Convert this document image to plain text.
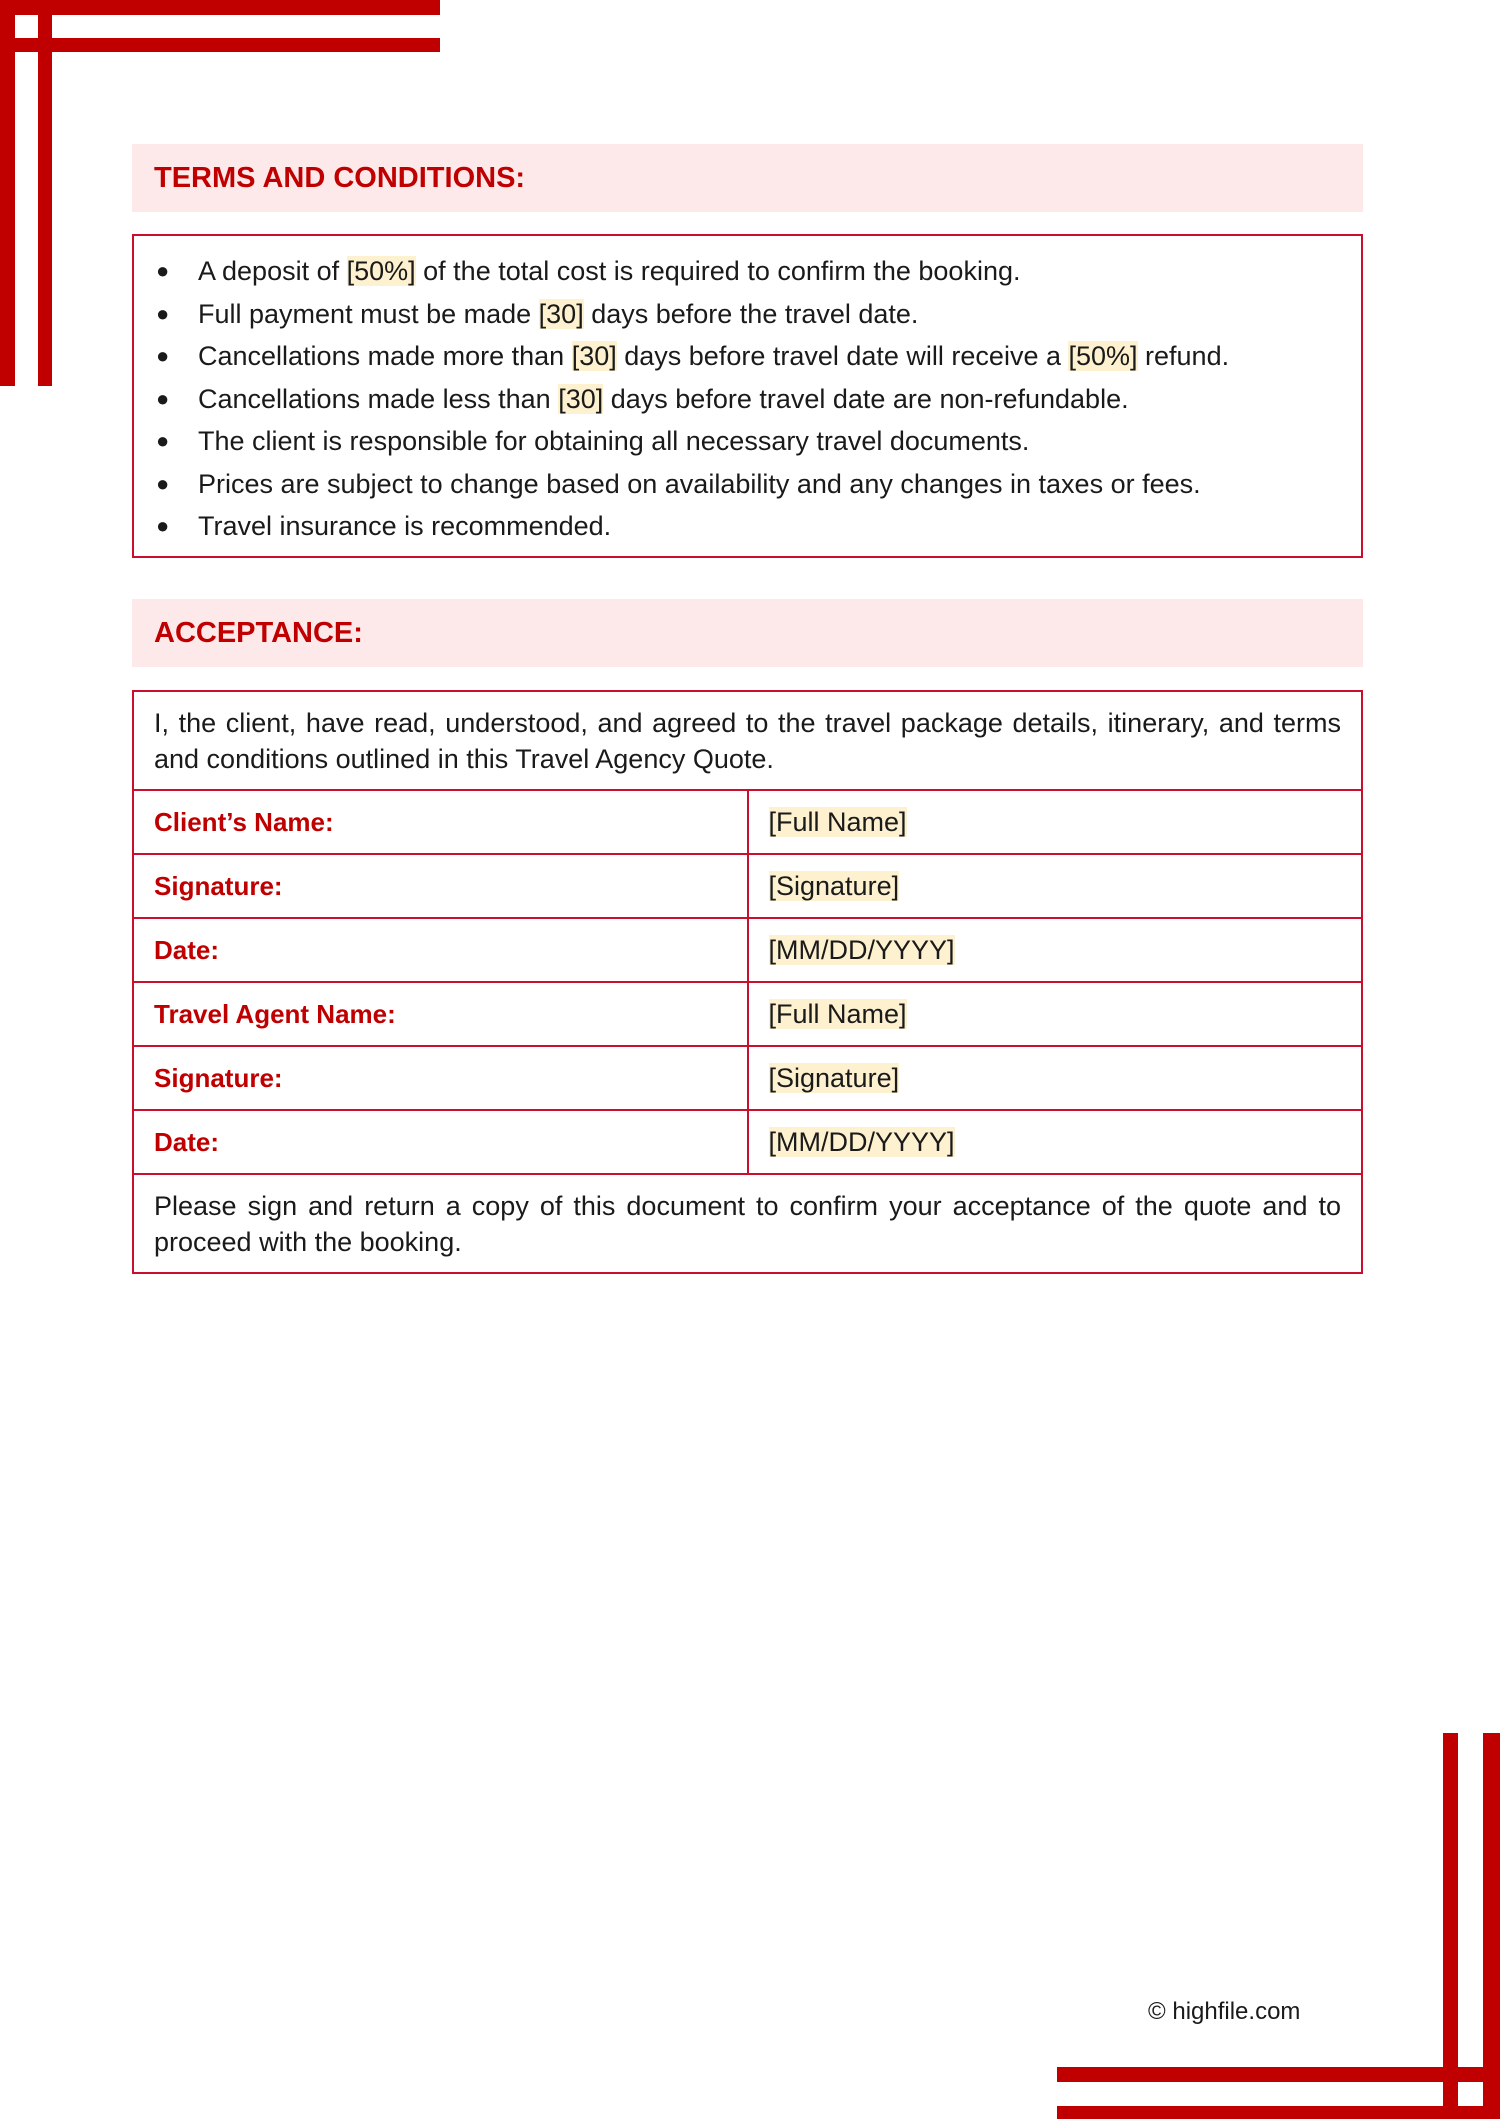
TERMS AND CONDITIONS:
● A deposit of [50%] of the total cost is required to confirm the booking.
● Full payment must be made [30] days before the travel date.
● Cancellations made more than [30] days before travel date will receive a [50%] refund.
● Cancellations made less than [30] days before travel date are non-refundable.
● The client is responsible for obtaining all necessary travel documents.
● Prices are subject to change based on availability and any changes in taxes or fees.
● Travel insurance is recommended.
ACCEPTANCE:
I, the client, have read, understood, and agreed to the travel package details, itinerary, and terms and conditions outlined in this Travel Agency Quote.	
Client’s Name:	[Full Name]
Signature:	[Signature]
Date:	[MM/DD/YYYY]
Travel Agent Name:	[Full Name]
Signature:	[Signature]
Date:	[MM/DD/YYYY]
Please sign and return a copy of this document to confirm your acceptance of the quote and to proceed with the booking.	
© highfile.com
